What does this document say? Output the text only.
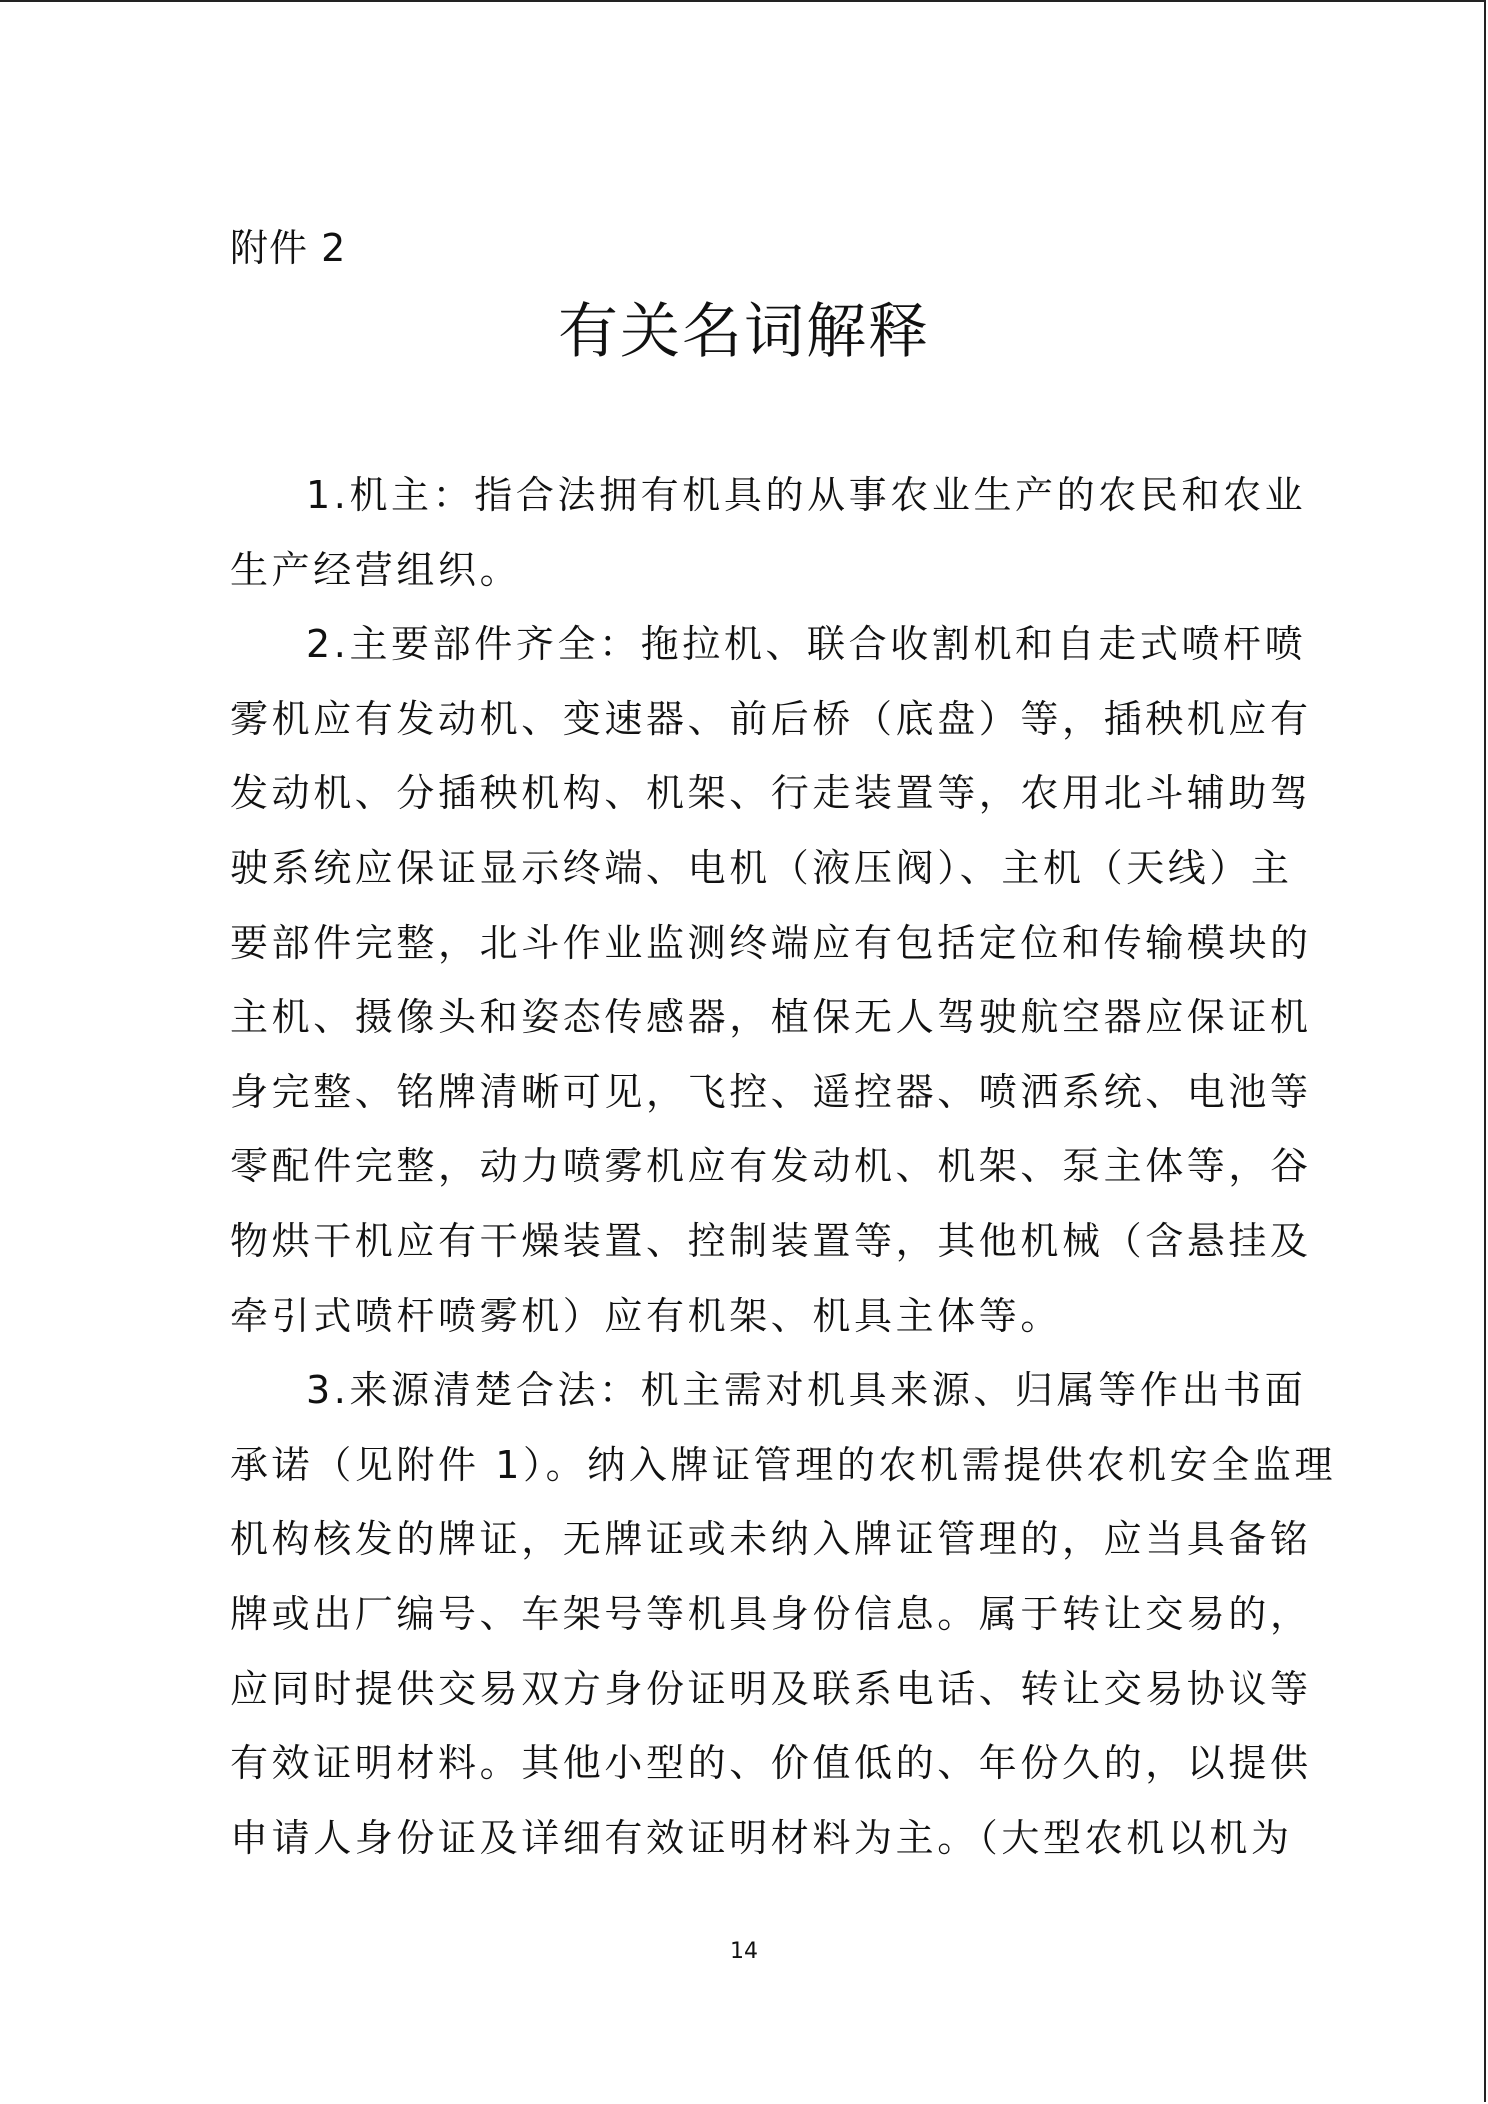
附件 2
有关名词解释
1.机主：指合法拥有机具的从事农业生产的农民和农业
生产经营组织。
2.主要部件齐全：拖拉机、联合收割机和自走式喷杆喷
雾机应有发动机、变速器、前后桥（底盘）等，插秧机应有
发动机、分插秧机构、机架、行走装置等，农用北斗辅助驾
驶系统应保证显示终端、电机（液压阀）、主机（天线）主
要部件完整，北斗作业监测终端应有包括定位和传输模块的
主机、摄像头和姿态传感器，植保无人驾驶航空器应保证机
身完整、铭牌清晰可见，飞控、遥控器、喷洒系统、电池等
零配件完整，动力喷雾机应有发动机、机架、泵主体等，谷
物烘干机应有干燥装置、控制装置等，其他机械（含悬挂及
牵引式喷杆喷雾机）应有机架、机具主体等。
3.来源清楚合法：机主需对机具来源、归属等作出书面
承诺（见附件 1）。纳入牌证管理的农机需提供农机安全监理
机构核发的牌证，无牌证或未纳入牌证管理的，应当具备铭
牌或出厂编号、车架号等机具身份信息。属于转让交易的，
应同时提供交易双方身份证明及联系电话、转让交易协议等
有效证明材料。其他小型的、价值低的、年份久的，以提供
申请人身份证及详细有效证明材料为主。（大型农机以机为
14
